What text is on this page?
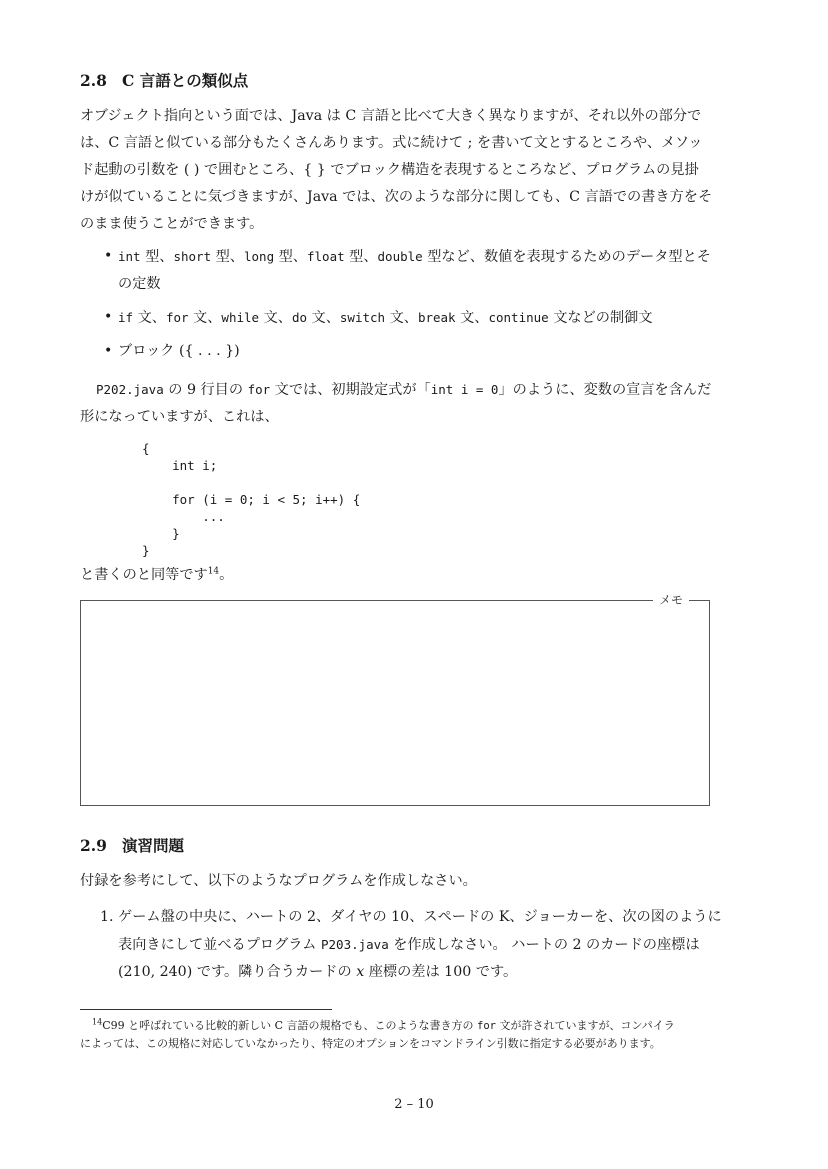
2.8 C 言語との類似点
オブジェクト指向という面では、Java は C 言語と比べて大きく異なりますが、それ以外の部分で
は、C 言語と似ている部分もたくさんあります。式に続けて ; を書いて文とするところや、メソッ
ド起動の引数を ( ) で囲むところ、{ } でブロック構造を表現するところなど、プログラムの見掛
けが似ていることに気づきますが、Java では、次のような部分に関しても、C 言語での書き方をそ
のまま使うことができます。
• int 型、short 型、long 型、float 型、double 型など、数値を表現するためのデータ型とそ
の定数
• if 文、for 文、while 文、do 文、switch 文、break 文、continue 文などの制御文
• ブロック ({ . . . })
P202.java の 9 行目の for 文では、初期設定式が「int i = 0」のように、変数の宣言を含んだ
形になっていますが、これは、
{
int i;

for (i = 0; i < 5; i++) {
...
}
}
と書くのと同等です$^{14}$。
メモ
2.9 演習問題
付録を参考にして、以下のようなプログラムを作成しなさい。
1. ゲーム盤の中央に、ハートの 2、ダイヤの 10、スペードの K、ジョーカーを、次の図のように
表向きにして並べるプログラム P203.java を作成しなさい。 ハートの 2 のカードの座標は
(210, 240) です。隣り合うカードの x 座標の差は 100 です。
$^{14}$C99 と呼ばれている比較的新しい C 言語の規格でも、このような書き方の for 文が許されていますが、コンパイラ
によっては、この規格に対応していなかったり、特定のオプションをコマンドライン引数に指定する必要があります。
2 – 10
